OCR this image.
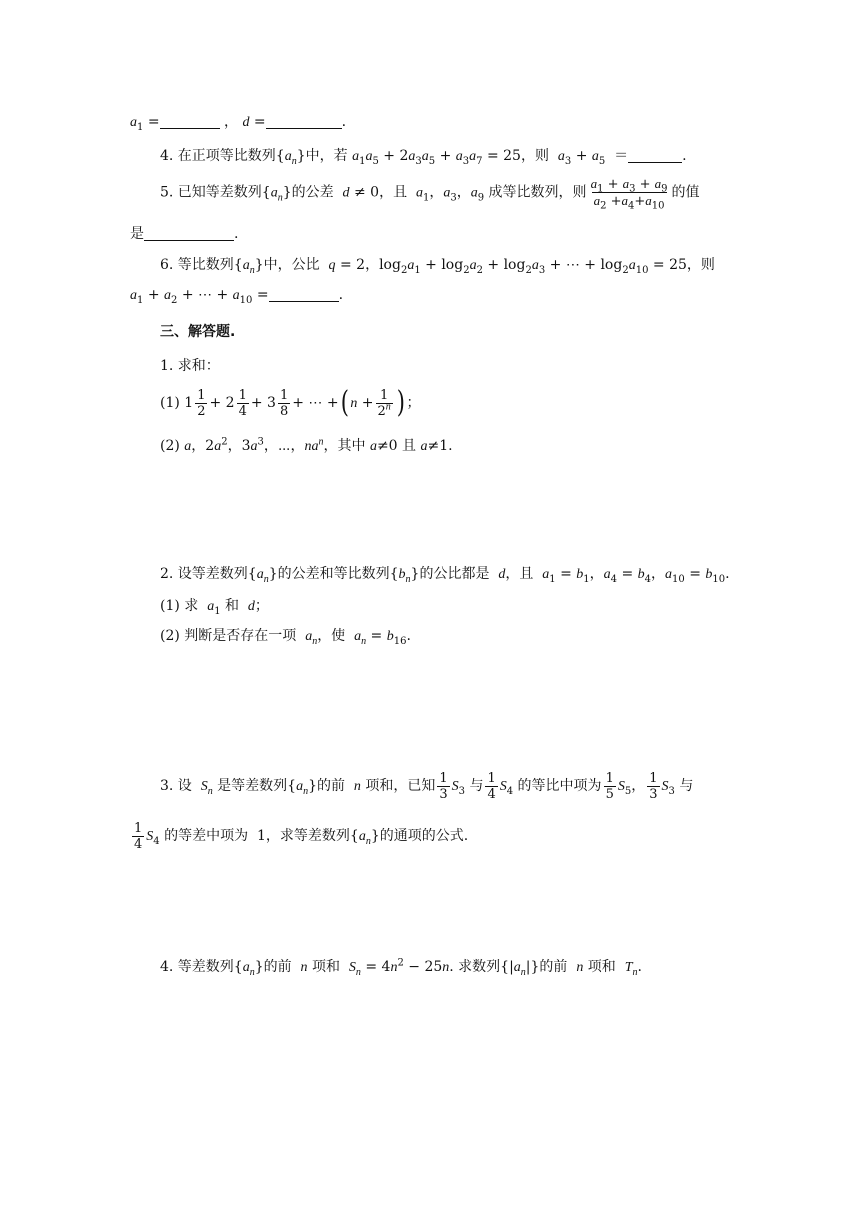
$a_1$ =	， d =	.
4. 在正项等比数列$\{a_n\}$中，若 $a_1a_5 + 2a_3a_5 + a_3a_7 = 25$，则  $a_3 + a_5$  ＝	.
5. 已知等差数列$\{a_n\}$的公差  d ≠ 0，且  $a_1$，$a_3$，$a_9$ 成等比数列，则 $\frac{a_1 + a_3 + a_9}{a_2 +a_4+a_{10}}$ 的值
是	.
6. 等比数列$\{a_n\}$中，公比  q = 2，$\log_2a_1 + \log_2a_2 + \log_2a_3$ + ⋯ + $\log_2a_{10} = 25$，则
$a_1 + a_2$ + ⋯ + $a_{10}$ =	.
三、解答题.
1. 求和：
(1) $1 \frac{1}{2} + 2 \frac{1}{4} + 3 \frac{1}{8}$ + ⋯ +( $n + \frac{1}{2^n}$ ) ；
(2) a，$2a^2$，$3a^3$，⋯，$na^n$，其中 a≠0 且 a≠1.
2. 设等差数列$\{a_n\}$的公差和等比数列$\{b_n\}$的公比都是  d，且  $a_1 = b_1$，$a_4 = b_4$，$a_{10} = b_{10}$.
(1) 求  $a_1$ 和  d；
(2) 判断是否存在一项  $a_n$，使  $a_n = b_{16}$.
3. 设  $S_n$ 是等差数列$\{a_n\}$的前  n 项和，已知 $\frac{1}{3} S_3$ 与 $\frac{1}{4} S_4$ 的等比中项为 $\frac{1}{5} S_5$， $\frac{1}{3} S_3$ 与
$\frac{1}{4} S_4$ 的等差中项为  1，求等差数列$\{a_n\}$的通项的公式.
4. 等差数列$\{a_n\}$的前  n 项和  $S_n = 4n^2 - 25n$. 求数列$\{|a_n|\}$的前  n 项和  $T_n$.
